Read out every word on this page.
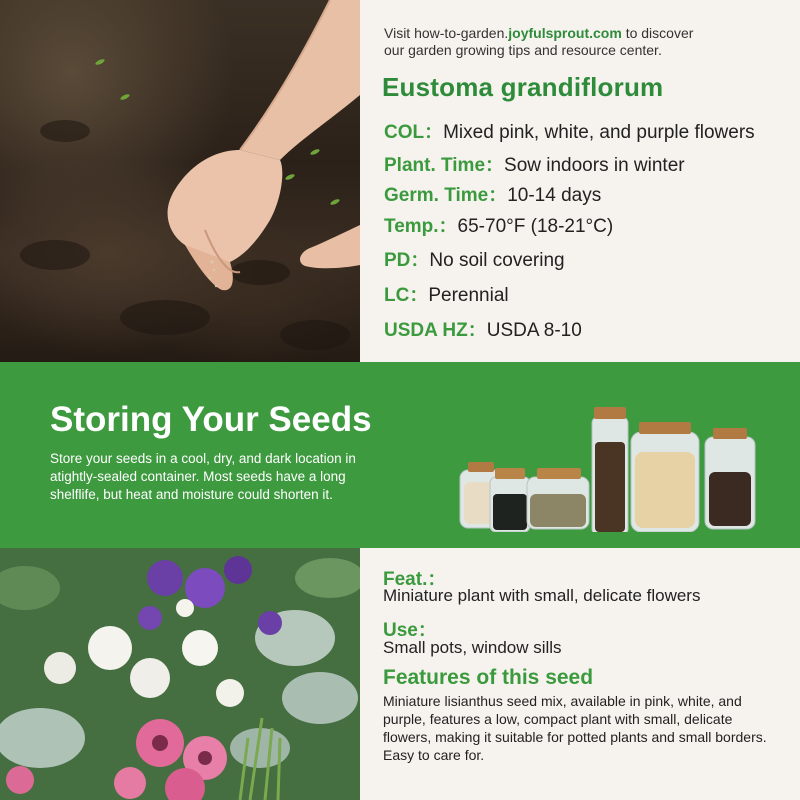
Visit how-to-garden.joyfulsprout.com to discover
our garden growing tips and resource center.
Eustoma grandiflorum
COL：Mixed pink, white, and purple flowers
Plant. Time：Sow indoors in winter
Germ. Time：10-14 days
Temp.：65-70°F (18-21°C)
PD：No soil covering
LC：Perennial
USDA HZ：USDA 8-10
Storing Your Seeds
Store your seeds in a cool, dry, and dark location in atightly-sealed container. Most seeds have a long shelflife, but heat and moisture could shorten it.
Feat.：
Miniature plant with small, delicate flowers
Use：
Small pots, window sills
Features of this seed
Miniature lisianthus seed mix, available in pink, white, and purple, features a low, compact plant with small, delicate flowers, making it suitable for potted plants and small borders. Easy to care for.
